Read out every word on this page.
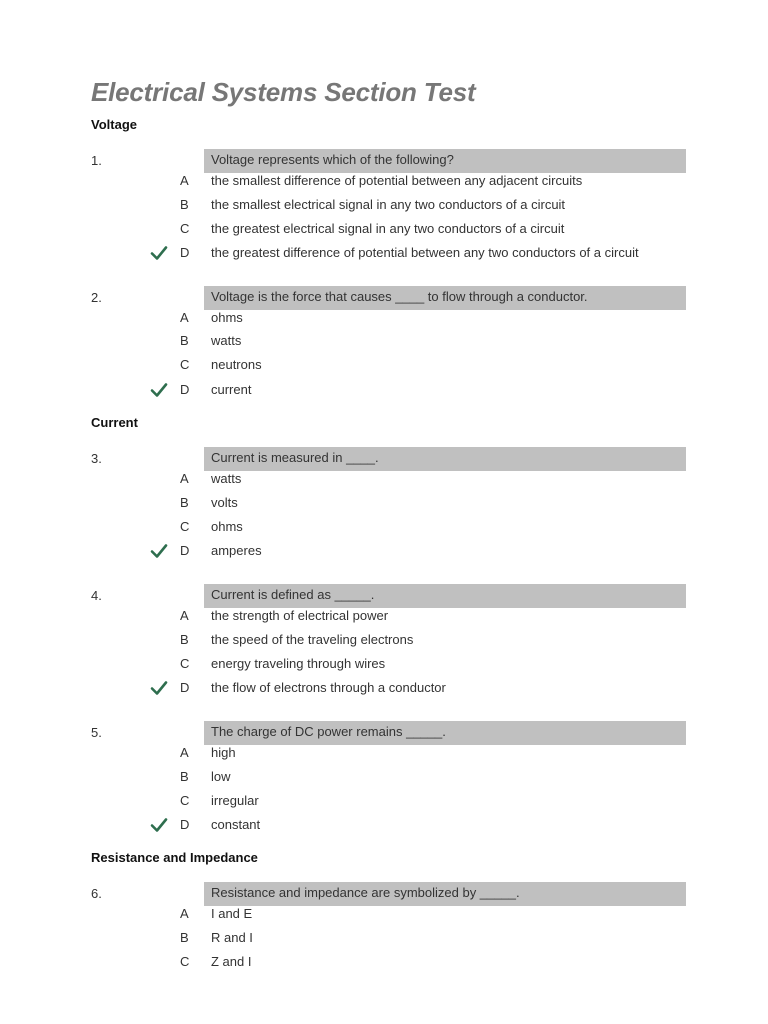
Electrical Systems Section Test
Voltage
Current
Resistance and Impedance
1.	Voltage represents which of the following?
A the smallest difference of potential between any adjacent circuits
B the smallest electrical signal in any two conductors of a circuit
C the greatest electrical signal in any two conductors of a circuit
D the greatest difference of potential between any two conductors of a circuit
2.	Voltage is the force that causes ____ to flow through a conductor.
A ohms
B watts
C neutrons
D current
3.	Current is measured in ____.
A watts
B volts
C ohms
D amperes
4.	Current is defined as _____.
A the strength of electrical power
B the speed of the traveling electrons
C energy traveling through wires
D the flow of electrons through a conductor
5.	The charge of DC power remains _____.
A high
B low
C irregular
D constant
6.	Resistance and impedance are symbolized by _____.
A I and E
B R and I
C Z and I
